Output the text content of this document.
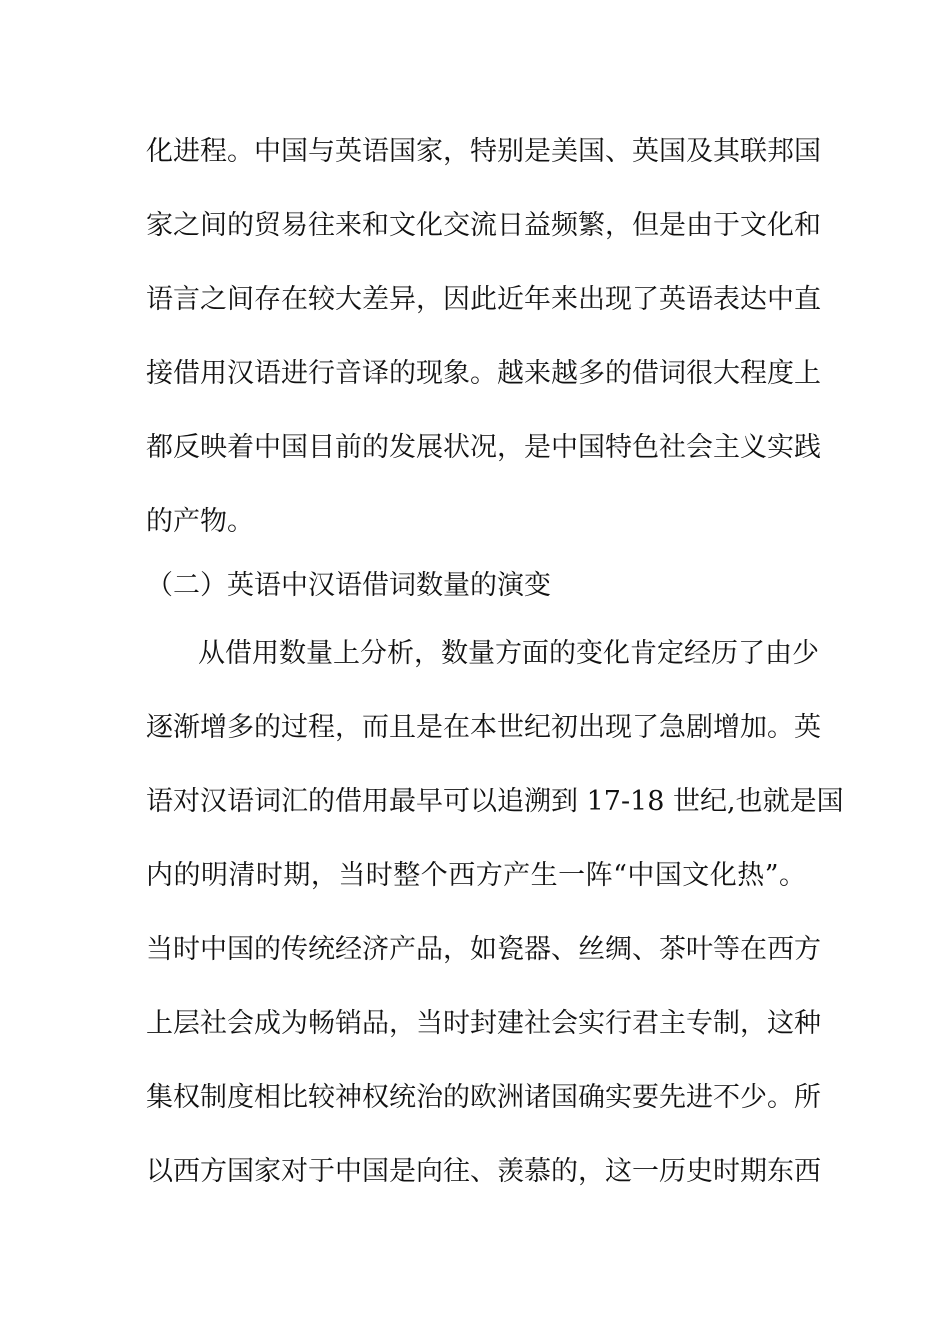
化进程。中国与英语国家，特别是美国、英国及其联邦国
家之间的贸易往来和文化交流日益频繁，但是由于文化和
语言之间存在较大差异，因此近年来出现了英语表达中直
接借用汉语进行音译的现象。越来越多的借词很大程度上
都反映着中国目前的发展状况，是中国特色社会主义实践
的产物。
（二）英语中汉语借词数量的演变
从借用数量上分析，数量方面的变化肯定经历了由少
逐渐增多的过程，而且是在本世纪初出现了急剧增加。英
语对汉语词汇的借用最早可以追溯到 17-18 世纪,也就是国
内的明清时期，当时整个西方产生一阵“中国文化热”。
当时中国的传统经济产品，如瓷器、丝绸、茶叶等在西方
上层社会成为畅销品，当时封建社会实行君主专制，这种
集权制度相比较神权统治的欧洲诸国确实要先进不少。所
以西方国家对于中国是向往、羡慕的，这一历史时期东西
